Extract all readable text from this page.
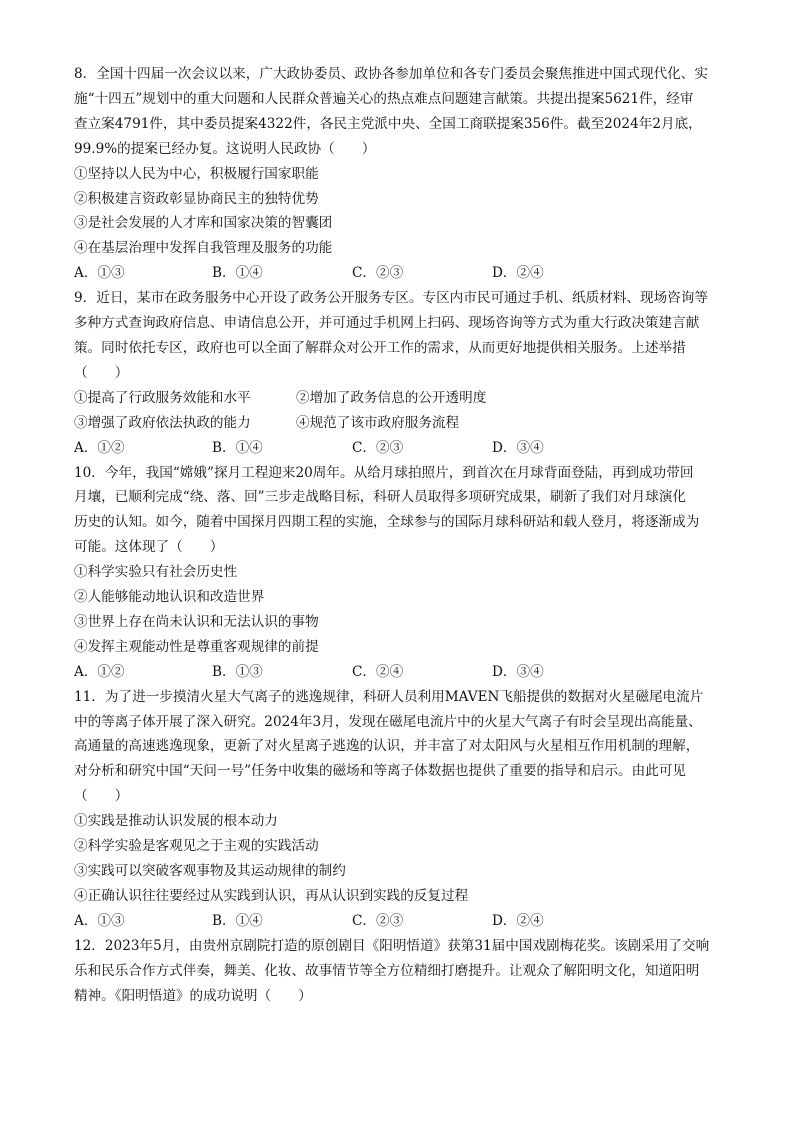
8．全国十四届一次会议以来，广大政协委员、政协各参加单位和各专门委员会聚焦推进中国式现代化、实
施“十四五”规划中的重大问题和人民群众普遍关心的热点难点问题建言献策。共提出提案5621件，经审
查立案4791件，其中委员提案4322件，各民主党派中央、全国工商联提案356件。截至2024年2月底，
99.9%的提案已经办复。这说明人民政协（　　）
①坚持以人民为中心，积极履行国家职能
②积极建言资政彰显协商民主的独特优势
③是社会发展的人才库和国家决策的智囊团
④在基层治理中发挥自我管理及服务的功能
A．①③	B．①④	C．②③	D．②④
9．近日，某市在政务服务中心开设了政务公开服务专区。专区内市民可通过手机、纸质材料、现场咨询等
多种方式查询政府信息、申请信息公开，并可通过手机网上扫码、现场咨询等方式为重大行政决策建言献
策。同时依托专区，政府也可以全面了解群众对公开工作的需求，从而更好地提供相关服务。上述举措
（　　）
①提高了行政服务效能和水平	②增加了政务信息的公开透明度
③增强了政府依法执政的能力	④规范了该市政府服务流程
A．①②	B．①④	C．②③	D．③④
10．今年，我国“嫦娥”探月工程迎来20周年。从给月球拍照片，到首次在月球背面登陆，再到成功带回
月壤，已顺利完成“绕、落、回”三步走战略目标，科研人员取得多项研究成果，刷新了我们对月球演化
历史的认知。如今，随着中国探月四期工程的实施，全球参与的国际月球科研站和载人登月，将逐渐成为
可能。这体现了（　　）
①科学实验只有社会历史性
②人能够能动地认识和改造世界
③世界上存在尚未认识和无法认识的事物
④发挥主观能动性是尊重客观规律的前提
A．①②	B．①③	C．②④	D．③④
11．为了进一步摸清火星大气离子的逃逸规律，科研人员利用MAVEN飞船提供的数据对火星磁尾电流片
中的等离子体开展了深入研究。2024年3月，发现在磁尾电流片中的火星大气离子有时会呈现出高能量、
高通量的高速逃逸现象，更新了对火星离子逃逸的认识，并丰富了对太阳风与火星相互作用机制的理解，
对分析和研究中国“天问一号”任务中收集的磁场和等离子体数据也提供了重要的指导和启示。由此可见
（　　）
①实践是推动认识发展的根本动力
②科学实验是客观见之于主观的实践活动
③实践可以突破客观事物及其运动规律的制约
④正确认识往往要经过从实践到认识，再从认识到实践的反复过程
A．①③	B．①④	C．②③	D．②④
12．2023年5月，由贵州京剧院打造的原创剧目《阳明悟道》获第31届中国戏剧梅花奖。该剧采用了交响
乐和民乐合作方式伴奏，舞美、化妆、故事情节等全方位精细打磨提升。让观众了解阳明文化，知道阳明
精神。《阳明悟道》的成功说明（　　）
